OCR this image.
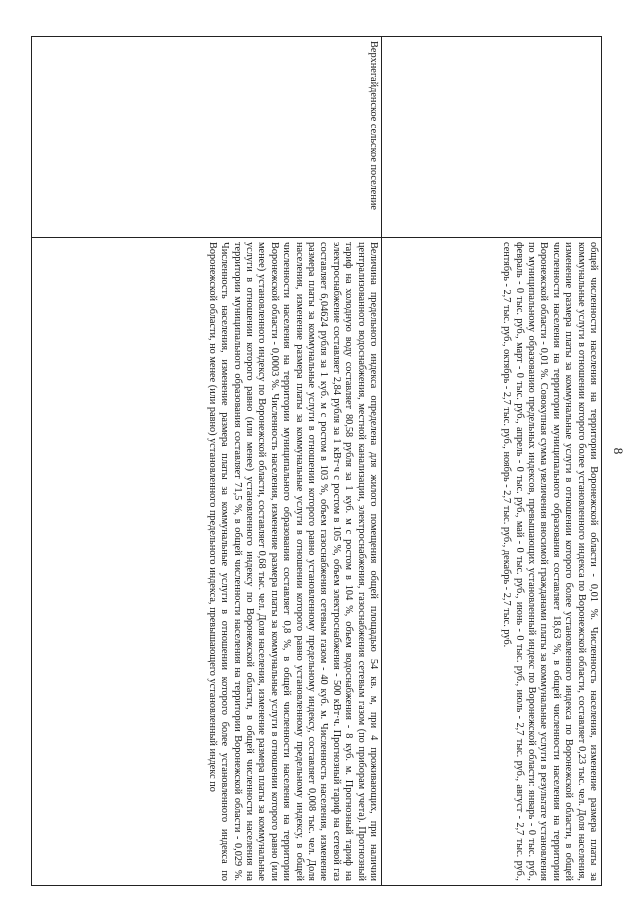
8
	общей численности населения на территории Воронежской области - 0,01 %. Численность населения, изменение размера платы за коммунальные услуги в отношении которого более установленного индекса по Воронежской области, составляет 0,23 тыс. чел. Доля населения, изменение размера платы за коммунальные услуги в отношении которого более установленного индекса по Воронежской области, в общей численности населения на территории муниципального образования составляет 18,63 %, в общей численности населения на территории Воронежской области - 0,01 %. Совокупная сумма увеличения вносимой гражданами платы за коммунальные услуги в результате установления по муниципальному образованию предельных индексов, превышающих установленный индекс по Воронежской области: январь - 0 тыс. руб., февраль - 0 тыс. руб., март - 0 тыс. руб., апрель - 0 тыс. руб., май - 0 тыс. руб., июнь - 0 тыс. руб., июль - 2,7 тыс. руб., август - 2,7 тыс. руб., сентябрь - 2,7 тыс. руб., октябрь - 2,7 тыс. руб., ноябрь - 2,7 тыс. руб., декабрь - 2,7 тыс. руб.
Верхнегайденское сельское поселение	Величина предельного индекса определена для жилого помещения общей площадью 54 кв. м, при 4 проживающих, при наличии централизованного водоснабжения, местной канализации, электроснабжения, газоснабжения сетевым газом (по приборам учета). Прогнозный тариф на холодную воду составляет 80,58 рубля за 1 куб. м с ростом в 104 %, объем водоснабжения - 8 куб. м. Прогнозный тариф на электроснабжение составляет 2,84 рубля за 1 кВт·ч с ростом в 105 %, объем электроснабжения - 500 кВт·ч. Прогнозный тариф на сетевой газ составляет 6,04624 рубля за 1 куб. м с ростом в 103 %, объем газоснабжения сетевым газом - 40 куб. м. Численность населения, изменение размера платы за коммунальные услуги в отношении которого равно установленному предельному индексу, составляет 0,008 тыс. чел. Доля населения, изменение размера платы за коммунальные услуги в отношении которого равно установленному предельному индексу, в общей численности населения на территории муниципального образования составляет 0,8 %, в общей численности населения на территории Воронежской области - 0,0003 %. Численность населения, изменение размера платы за коммунальные услуги в отношении которого равно (или менее) установленного индексу по Воронежской области, составляет 0,68 тыс. чел. Доля населения, изменение размера платы за коммунальные услуги в отношении которого равно (или менее) установленного индексу по Воронежской области, в общей численности населения на территории муниципального образования составляет 71,5 %, в общей численности населения на территории Воронежской области - 0,029 %. Численность населения, изменение размера платы за коммунальные услуги в отношении которого более установленного индекса по Воронежской области, но менее (или равно) установленного предельного индекса, превышающего установленный индекс по
